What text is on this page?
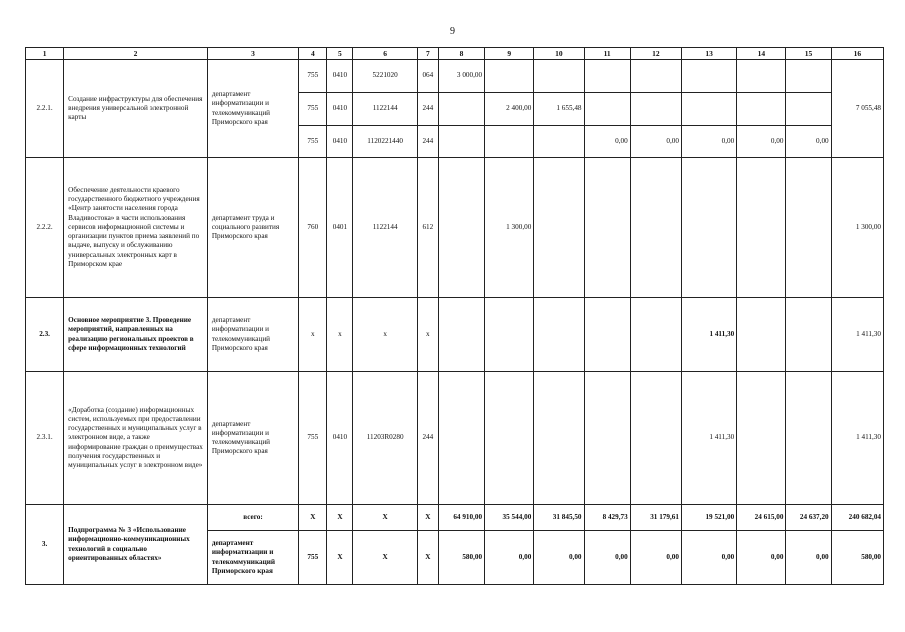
9
1	2	3	4	5	6	7	8	9	10	11	12	13	14	15	16
2.2.1.	Создание инфраструктуры для обеспечения внедрения универсальной электронной карты	департамент информатизации и телекоммуникаций Приморского края	755	0410	5221020	064	3 000,00								7 055,48
			755	0410	1122144	244		2 400,00	1 655,48						
			755	0410	1120221440	244				0,00	0,00	0,00	0,00	0,00	
2.2.2.	Обеспечение деятельности краевого государственного бюджетного учреждения «Центр занятости населения города Владивостока» в части использования сервисов информационной системы и организации пунктов приема заявлений по выдаче, выпуску и обслуживанию универсальных электронных карт в Приморском крае	департамент труда и социального развития Приморского края	760	0401	1122144	612		1 300,00							1 300,00
2.3.	Основное мероприятие 3. Проведение мероприятий, направленных на реализацию региональных проектов в сфере информационных технологий	департамент информатизации и телекоммуникаций Приморского края	х	х	х	х						1 411,30			1 411,30
2.3.1.	«Доработка (создание) информационных систем, используемых при предоставлении государственных и муниципальных услуг в электронном виде, а также информирование граждан о преимуществах получения государственных и муниципальных услуг в электронном виде»	департамент информатизации и телекоммуникаций Приморского края	755	0410	11203R0280	244						1 411,30			1 411,30
3.	Подпрограмма № 3 «Использование информационно-коммуникационных технологий в социально ориентированных областях»	всего:	Х	Х	Х	Х	64 910,00	35 544,00	31 845,50	8 429,73	31 179,61	19 521,00	24 615,00	24 637,20	240 682,04
		департамент информатизации и телекоммуникаций Приморского края	755	Х	Х	Х	580,00	0,00	0,00	0,00	0,00	0,00	0,00	0,00	580,00
